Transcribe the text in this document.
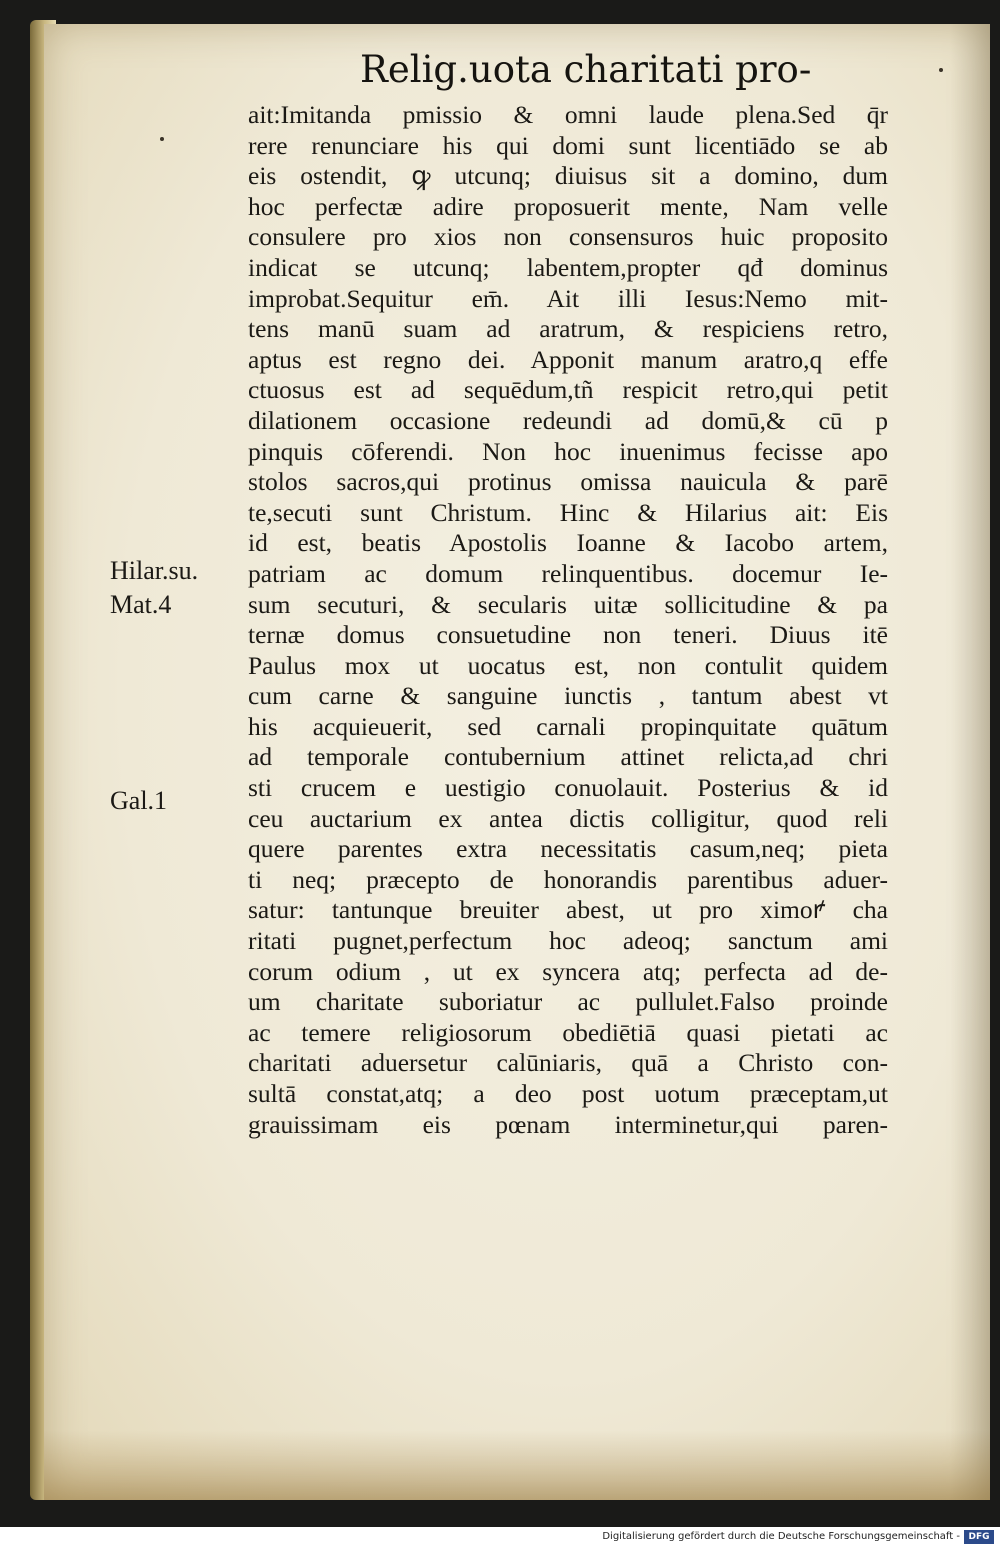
Relig.uota charitati pro-
ait:Imitanda pmissio & omni laude plena.Sed q̄r
rere renunciare his qui domi sunt licentiādo se ab
eis ostendit, ꝙ utcunq; diuisus sit a domino, dum
hoc perfectæ adire proposuerit mente, Nam velle
consulere pro xios non consensuros huic proposito
indicat se utcunq; labentem,propter qđ dominus
improbat.Sequitur em̄. Ait illi Iesus:Nemo mit-
tens manū suam ad aratrum, & respiciens retro,
aptus est regno dei. Apponit manum aratro,q effe
ctuosus est ad sequēdum,tñ respicit retro,qui petit
dilationem occasione redeundi ad domū,& cū p
pinquis cōferendi. Non hoc inuenimus fecisse apo
stolos sacros,qui protinus omissa nauicula & parē
te,secuti sunt Christum. Hinc & Hilarius ait: Eis
id est, beatis Apostolis Ioanne & Iacobo artem,
patriam ac domum relinquentibus. docemur Ie-
sum secuturi, & secularis uitæ sollicitudine & pa
ternæ domus consuetudine non teneri. Diuus itē
Paulus mox ut uocatus est, non contulit quidem
cum carne & sanguine iunctis , tantum abest vt
his acquieuerit, sed carnali propinquitate quātum
ad temporale contubernium attinet relicta,ad chri
sti crucem e uestigio conuolauit. Posterius & id
ceu auctarium ex antea dictis colligitur, quod reli
quere parentes extra necessitatis casum,neq; pieta
ti neq; præcepto de honorandis parentibus aduer-
satur: tantunque breuiter abest, ut pro ximoꝵ cha
ritati pugnet,perfectum hoc adeoq; sanctum ami
corum odium , ut ex syncera atq; perfecta ad de-
um charitate suboriatur ac pullulet.Falso proinde
ac temere religiosorum obediētiā quasi pietati ac
charitati aduersetur calūniaris, quā a Christo con-
sultā constat,atq; a deo post uotum præceptam,ut
grauissimam eis pœnam interminetur,qui paren-
Hilar.su.
Mat.4
Gal.1
Digitalisierung gefördert durch die Deutsche Forschungsgemeinschaft - DFG
